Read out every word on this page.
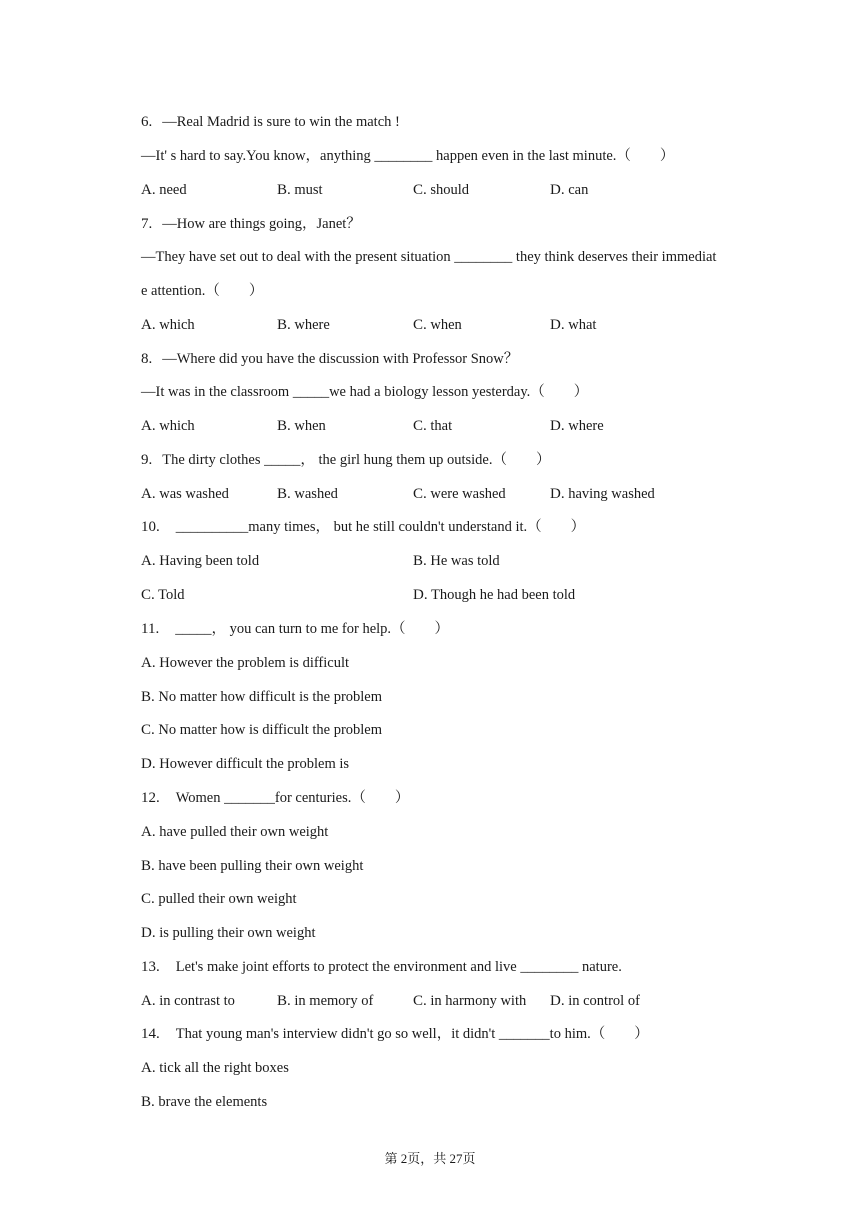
6. —Real Madrid is sure to win the match !
—It' s hard to say.You know，anything ________ happen even in the last minute.（　　）
A. need	B. must	C. should	D. can
7. —How are things going，Janet？
—They have set out to deal with the present situation ________ they think deserves their immediat
e attention.（　　）
A. which	B. where	C. when	D. what
8. —Where did you have the discussion with Professor Snow？
—It was in the classroom _____we had a biology lesson yesterday.（　　）
A. which	B. when	C. that	D. where
9. The dirty clothes _____， the girl hung them up outside.（　　）
A. was washed	B. washed	C. were washed	D. having washed
10. __________many times， but he still couldn't understand it.（　　）
A. Having been told	B. He was told
C. Told	D. Though he had been told
11. _____， you can turn to me for help.（　　）
A. However the problem is difficult
B. No matter how difficult is the problem
C. No matter how is difficult the problem
D. However difficult the problem is
12. Women _______for centuries.（　　）
A. have pulled their own weight
B. have been pulling their own weight
C. pulled their own weight
D. is pulling their own weight
13. Let's make joint efforts to protect the environment and live ________ nature.
A. in contrast to	B. in memory of	C. in harmony with D. in control of
14. That young man's interview didn't go so well，it didn't _______to him.（　　）
A. tick all the right boxes
B. brave the elements
第 2页，共 27页
